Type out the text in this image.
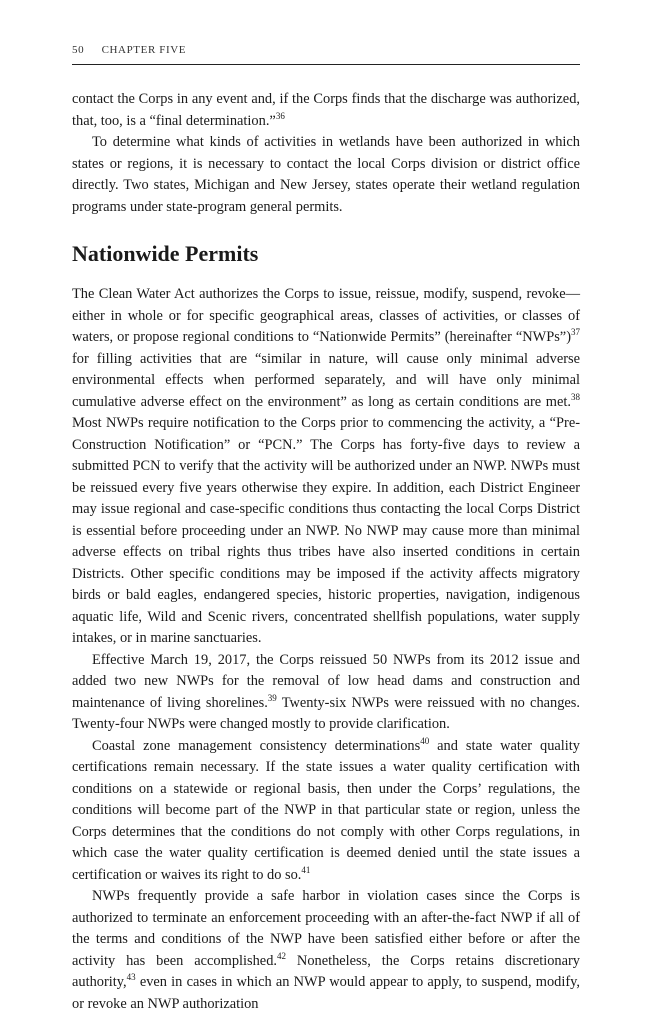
50 CHAPTER FIVE

contact the Corps in any event and, if the Corps finds that the discharge was authorized, that, too, is a “final determination.”$^{36}$

To determine what kinds of activities in wetlands have been authorized in which states or regions, it is necessary to contact the local Corps division or district office directly. Two states, Michigan and New Jersey, states operate their wetland regulation programs under state-program general permits.

Nationwide Permits

The Clean Water Act authorizes the Corps to issue, reissue, modify, suspend, revoke—either in whole or for specific geographical areas, classes of activities, or classes of waters, or propose regional conditions to “Nationwide Permits” (hereinafter “NWPs”)$^{37}$ for filling activities that are “similar in nature, will cause only minimal adverse environmental effects when performed separately, and will have only minimal cumulative adverse effect on the environment” as long as certain conditions are met.$^{38}$ Most NWPs require notification to the Corps prior to commencing the activity, a “Pre-Construction Notification” or “PCN.” The Corps has forty-five days to review a submitted PCN to verify that the activity will be authorized under an NWP. NWPs must be reissued every five years otherwise they expire. In addition, each District Engineer may issue regional and case-specific conditions thus contacting the local Corps District is essential before proceeding under an NWP. No NWP may cause more than minimal adverse effects on tribal rights thus tribes have also inserted conditions in certain Districts. Other specific conditions may be imposed if the activity affects migratory birds or bald eagles, endangered species, historic properties, navigation, indigenous aquatic life, Wild and Scenic rivers, concentrated shellfish populations, water supply intakes, or in marine sanctuaries.

Effective March 19, 2017, the Corps reissued 50 NWPs from its 2012 issue and added two new NWPs for the removal of low head dams and construction and maintenance of living shorelines.$^{39}$ Twenty-six NWPs were reissued with no changes. Twenty-four NWPs were changed mostly to provide clarification.

Coastal zone management consistency determinations$^{40}$ and state water quality certifications remain necessary. If the state issues a water quality certification with conditions on a statewide or regional basis, then under the Corps’ regulations, the conditions will become part of the NWP in that particular state or region, unless the Corps determines that the conditions do not comply with other Corps regulations, in which case the water quality certification is deemed denied until the state issues a certification or waives its right to do so.$^{41}$

NWPs frequently provide a safe harbor in violation cases since the Corps is authorized to terminate an enforcement proceeding with an after-the-fact NWP if all of the terms and conditions of the NWP have been satisfied either before or after the activity has been accomplished.$^{42}$ Nonetheless, the Corps retains discretionary authority,$^{43}$ even in cases in which an NWP would appear to apply, to suspend, modify, or revoke an NWP authorization
